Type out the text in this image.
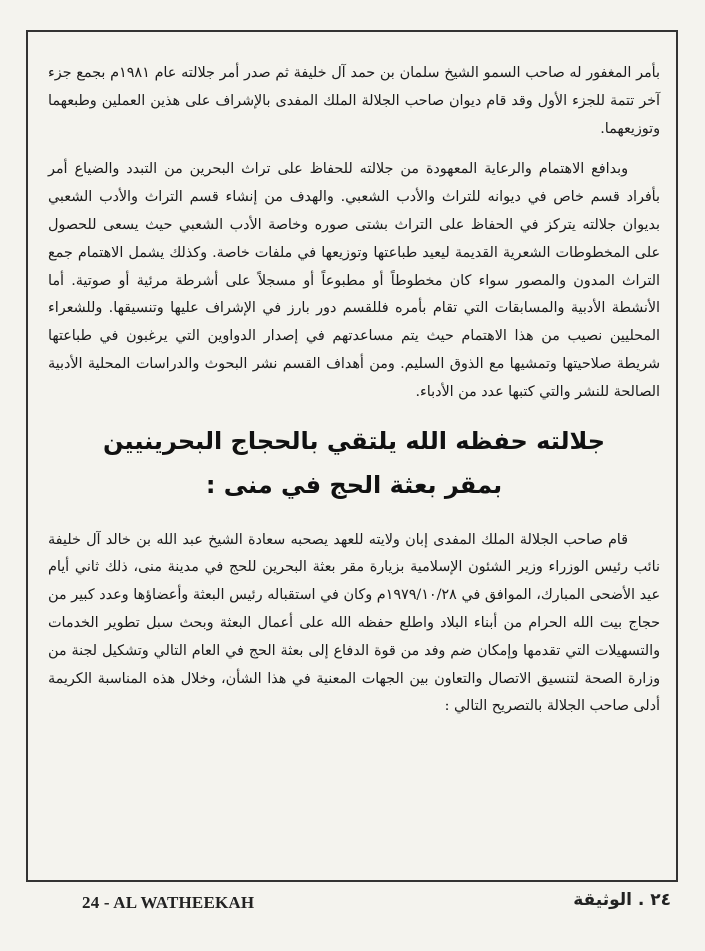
بأمر المغفور له صاحب السمو الشيخ سلمان بن حمد آل خليفة ثم صدر أمر جلالته عام ١٩٨١م بجمع جزء آخر تتمة للجزء الأول وقد قام ديوان صاحب الجلالة الملك المفدى بالإشراف على هذين العملين وطبعهما وتوزيعهما.

وبدافع الاهتمام والرعاية المعهودة من جلالته للحفاظ على تراث البحرين من التبدد والضياع أمر بأفراد قسم خاص في ديوانه للتراث والأدب الشعبي. والهدف من إنشاء قسم التراث والأدب الشعبي بديوان جلالته يتركز في الحفاظ على التراث بشتى صوره وخاصة الأدب الشعبي حيث يسعى للحصول على المخطوطات الشعرية القديمة ليعيد طباعتها وتوزيعها في ملفات خاصة. وكذلك يشمل الاهتمام جمع التراث المدون والمصور سواء كان مخطوطاً أو مطبوعاً أو مسجلاً على أشرطة مرئية أو صوتية. أما الأنشطة الأدبية والمسابقات التي تقام بأمره فللقسم دور بارز في الإشراف عليها وتنسيقها. وللشعراء المحليين نصيب من هذا الاهتمام حيث يتم مساعدتهم في إصدار الدواوين التي يرغبون في طباعتها شريطة صلاحيتها وتمشيها مع الذوق السليم. ومن أهداف القسم نشر البحوث والدراسات المحلية الأدبية الصالحة للنشر والتي كتبها عدد من الأدباء.

جلالته حفظه الله يلتقي بالحجاج البحرينيين
بمقر بعثة الحج في منى :

قام صاحب الجلالة الملك المفدى إبان ولايته للعهد يصحبه سعادة الشيخ عبد الله بن خالد آل خليفة نائب رئيس الوزراء وزير الشئون الإسلامية بزيارة مقر بعثة البحرين للحج في مدينة منى، ذلك ثاني أيام عيد الأضحى المبارك، الموافق في ١٩٧٩/١٠/٢٨م وكان في استقباله رئيس البعثة وأعضاؤها وعدد كبير من حجاج بيت الله الحرام من أبناء البلاد واطلع حفظه الله على أعمال البعثة وبحث سبل تطوير الخدمات والتسهيلات التي تقدمها وإمكان ضم وفد من قوة الدفاع إلى بعثة الحج في العام التالي وتشكيل لجنة من وزارة الصحة لتنسيق الاتصال والتعاون بين الجهات المعنية في هذا الشأن، وخلال هذه المناسبة الكريمة أدلى صاحب الجلالة بالتصريح التالي :

24 - AL WATHEEKAH	٢٤ . الوثيقة
